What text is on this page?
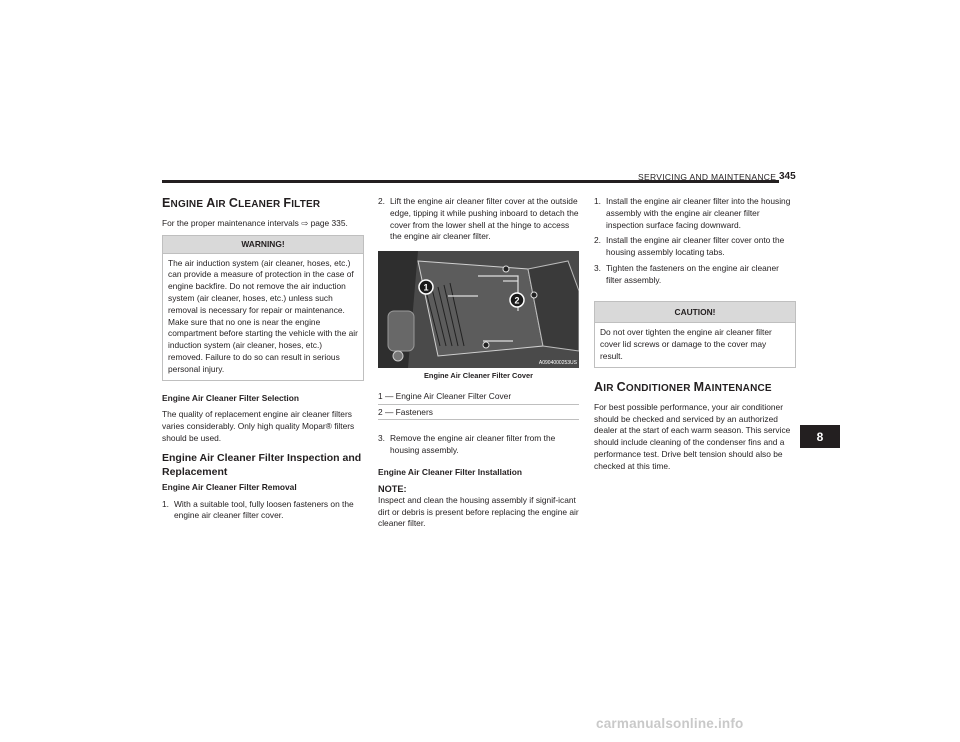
SERVICING AND MAINTENANCE 345
ENGINE AIR CLEANER FILTER

For the proper maintenance intervals ⇨ page 335.

WARNING!
The air induction system (air cleaner, hoses, etc.) can provide a measure of protection in the case of engine backfire. Do not remove the air induction system (air cleaner, hoses, etc.) unless such removal is necessary for repair or maintenance. Make sure that no one is near the engine compartment before starting the vehicle with the air induction system (air cleaner, hoses, etc.) removed. Failure to do so can result in serious personal injury.

Engine Air Cleaner Filter Selection

The quality of replacement engine air cleaner filters varies considerably. Only high quality Mopar® filters should be used.

Engine Air Cleaner Filter Inspection and Replacement

Engine Air Cleaner Filter Removal

1. With a suitable tool, fully loosen fasteners on the engine air cleaner filter cover.
2. Lift the engine air cleaner filter cover at the outside edge, tipping it while pushing inboard to detach the cover from the lower shell at the hinge to access the engine air cleaner filter.
1
2
A0904000253US
Engine Air Cleaner Filter Cover
1 — Engine Air Cleaner Filter Cover
2 — Fasteners
3. Remove the engine air cleaner filter from the housing assembly.

Engine Air Cleaner Filter Installation

NOTE:

Inspect and clean the housing assembly if signif-icant dirt or debris is present before replacing the engine air cleaner filter.

1. Install the engine air cleaner filter into the housing assembly with the engine air cleaner filter inspection surface facing downward.
2. Install the engine air cleaner filter cover onto the housing assembly locating tabs.
3. Tighten the fasteners on the engine air cleaner filter assembly.
CAUTION!
Do not over tighten the engine air cleaner filter cover lid screws or damage to the cover may result.
AIR CONDITIONER MAINTENANCE

For best possible performance, your air conditioner should be checked and serviced by an authorized dealer at the start of each warm season. This service should include cleaning of the condenser fins and a performance test. Drive belt tension should also be checked at this time.

8
carmanualsonline.info
